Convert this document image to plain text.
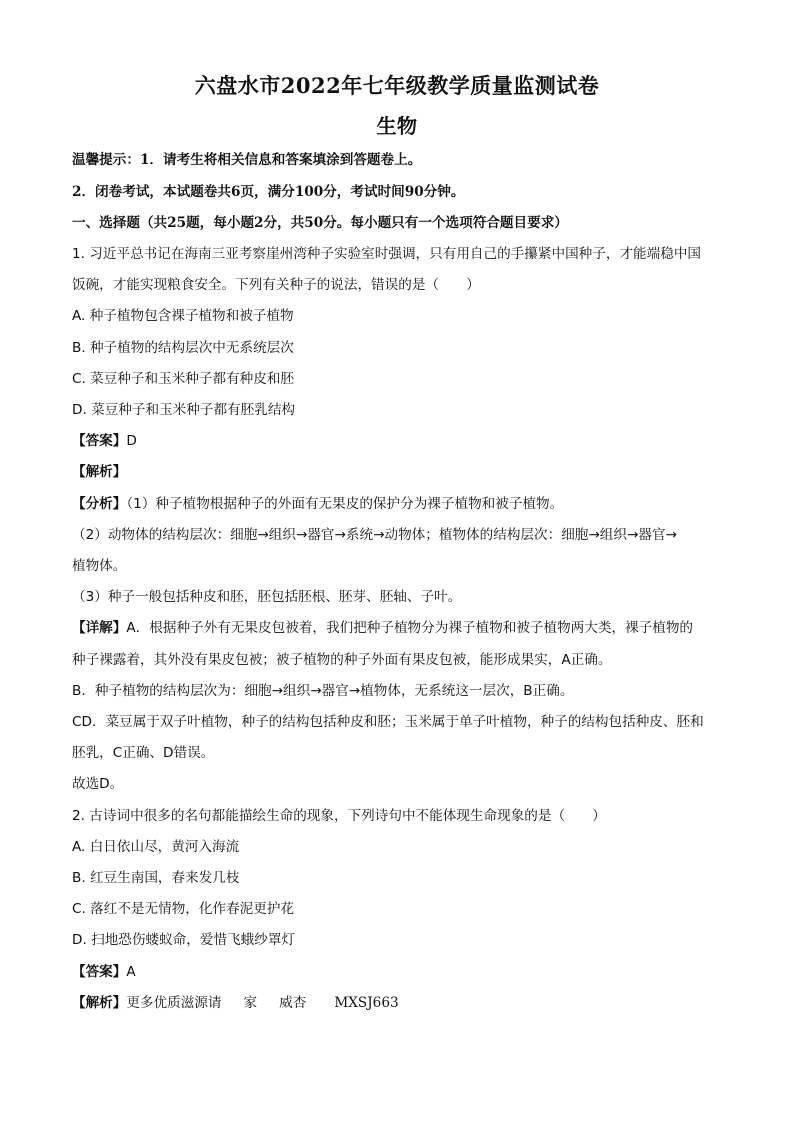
六盘水市2022年七年级教学质量监测试卷
生物
温馨提示：1．请考生将相关信息和答案填涂到答题卷上。
2．闭卷考试，本试题卷共6页，满分100分，考试时间90分钟。
一、选择题（共25题，每小题2分，共50分。每小题只有一个选项符合题目要求）
1. 习近平总书记在海南三亚考察崖州湾种子实验室时强调，只有用自己的手攥紧中国种子，才能端稳中国
饭碗，才能实现粮食安全。下列有关种子的说法，错误的是（　　）
A. 种子植物包含裸子植物和被子植物
B. 种子植物的结构层次中无系统层次
C. 菜豆种子和玉米种子都有种皮和胚
D. 菜豆种子和玉米种子都有胚乳结构
【答案】D
【解析】
【分析】（1）种子植物根据种子的外面有无果皮的保护分为裸子植物和被子植物。
（2）动物体的结构层次：细胞→组织→器官→系统→动物体；植物体的结构层次：细胞→组织→器官→
植物体。
（3）种子一般包括种皮和胚，胚包括胚根、胚芽、胚轴、子叶。
【详解】A．根据种子外有无果皮包被着，我们把种子植物分为裸子植物和被子植物两大类，裸子植物的
种子裸露着，其外没有果皮包被；被子植物的种子外面有果皮包被，能形成果实，A正确。
B．种子植物的结构层次为：细胞→组织→器官→植物体，无系统这一层次，B正确。
CD．菜豆属于双子叶植物，种子的结构包括种皮和胚；玉米属于单子叶植物，种子的结构包括种皮、胚和
胚乳，C正确、D错误。
故选D。
2. 古诗词中很多的名句都能描绘生命的现象，下列诗句中不能体现生命现象的是（　　）
A. 白日依山尽，黄河入海流
B. 红豆生南国，春来发几枝
C. 落红不是无情物，化作春泥更护花
D. 扫地恐伤蝼蚁命，爱惜飞蛾纱罩灯
【答案】A
【解析】更多优质滋源请 家 威杏 MXSJ663
